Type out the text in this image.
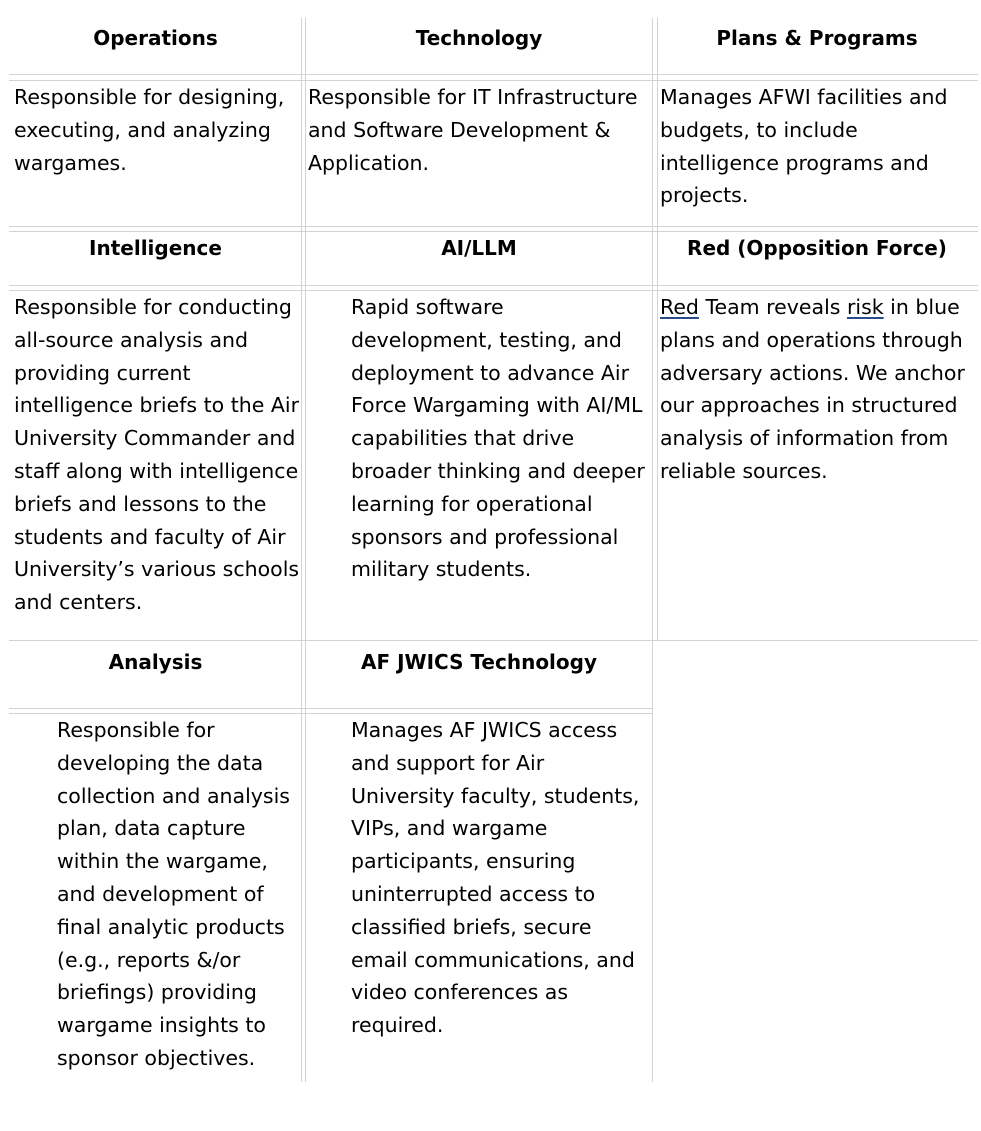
Operations
Responsible for designing, executing, and analyzing wargames.
Technology
Responsible for IT Infrastructure and Software Development & Application.
Plans & Programs
Manages AFWI facilities and budgets, to include intelligence programs and projects.
Intelligence
Responsible for conducting all-source analysis and providing current intelligence briefs to the Air University Commander and staff along with intelligence briefs and lessons to the students and faculty of Air University’s various schools and centers.
AI/LLM
Rapid software development, testing, and deployment to advance Air Force Wargaming with AI/ML capabilities that drive broader thinking and deeper learning for operational sponsors and professional military students.
Red (Opposition Force)
Red Team reveals risk in blue plans and operations through adversary actions. We anchor our approaches in structured analysis of information from reliable sources.
Analysis
Responsible for developing the data collection and analysis plan, data capture within the wargame, and development of final analytic products (e.g., reports &/or briefings) providing wargame insights to sponsor objectives.
AF JWICS Technology
Manages AF JWICS access and support for Air University faculty, students, VIPs, and wargame participants, ensuring uninterrupted access to classified briefs, secure email communications, and video conferences as required.
